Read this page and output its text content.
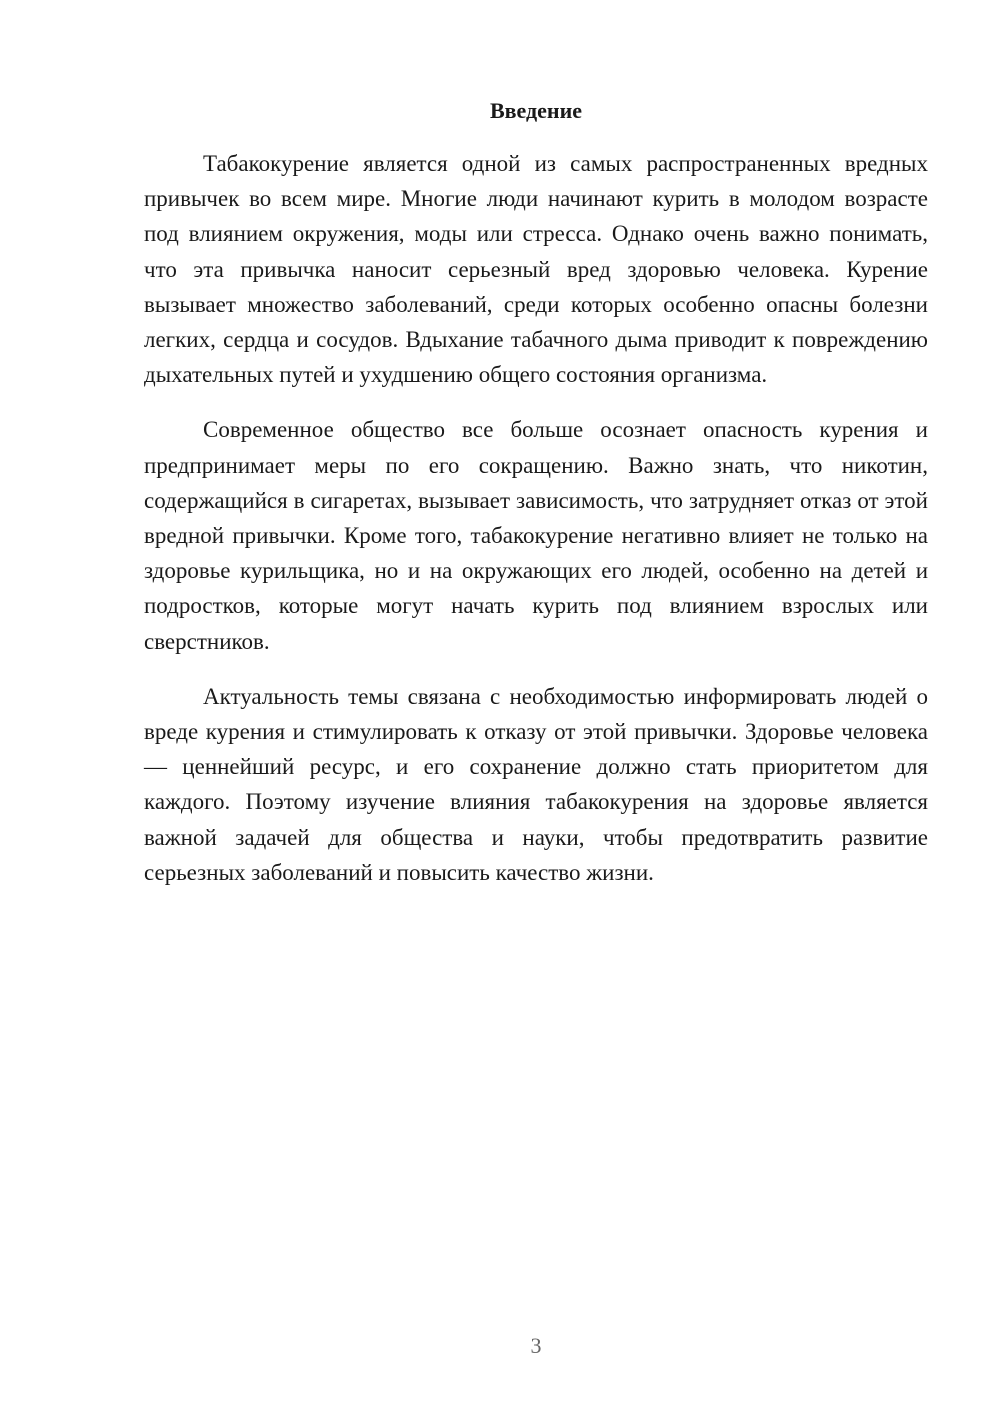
Введение

Табакокурение является одной из самых распространенных вредных привычек во всем мире. Многие люди начинают курить в молодом возрасте под влиянием окружения, моды или стресса. Однако очень важно понимать, что эта привычка наносит серьезный вред здоровью человека. Курение вызывает множество заболеваний, среди которых особенно опасны болезни легких, сердца и сосудов. Вдыхание табачного дыма приводит к повреждению дыхательных путей и ухудшению общего состояния организма.

Современное общество все больше осознает опасность курения и предпринимает меры по его сокращению. Важно знать, что никотин, содержащийся в сигаретах, вызывает зависимость, что затрудняет отказ от этой вредной привычки. Кроме того, табакокурение негативно влияет не только на здоровье курильщика, но и на окружающих его людей, особенно на детей и подростков, которые могут начать курить под влиянием взрослых или сверстников.

Актуальность темы связана с необходимостью информировать людей о вреде курения и стимулировать к отказу от этой привычки. Здоровье человека — ценнейший ресурс, и его сохранение должно стать приоритетом для каждого. Поэтому изучение влияния табакокурения на здоровье является важной задачей для общества и науки, чтобы предотвратить развитие серьезных заболеваний и повысить качество жизни.

3
